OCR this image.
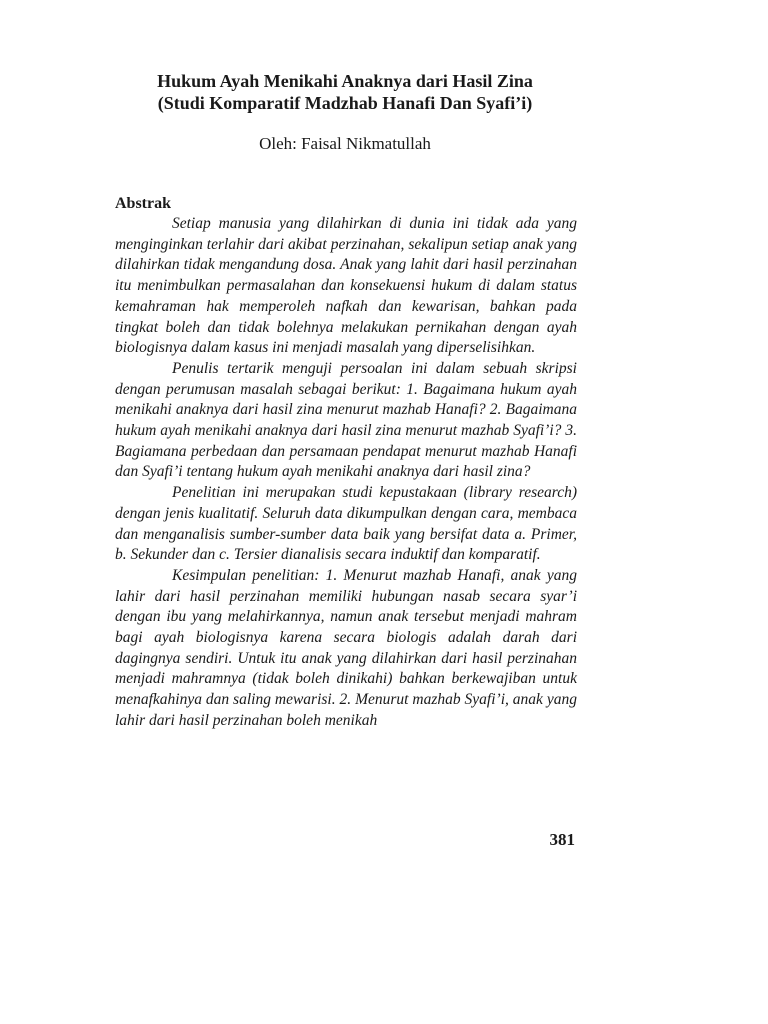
Hukum Ayah Menikahi Anaknya dari Hasil Zina
(Studi Komparatif Madzhab Hanafi Dan Syafi’i)
Oleh: Faisal Nikmatullah
Abstrak

Setiap manusia yang dilahirkan di dunia ini tidak ada yang menginginkan terlahir dari akibat perzinahan, sekalipun setiap anak yang dilahirkan tidak mengandung dosa. Anak yang lahit dari hasil perzinahan itu menimbulkan permasalahan dan konsekuensi hukum di dalam status kemahraman hak memperoleh nafkah dan kewarisan, bahkan pada tingkat boleh dan tidak bolehnya melakukan pernikahan dengan ayah biologisnya dalam kasus ini menjadi masalah yang diperselisihkan.

Penulis tertarik menguji persoalan ini dalam sebuah skripsi dengan perumusan masalah sebagai berikut: 1. Bagaimana hukum ayah menikahi anaknya dari hasil zina menurut mazhab Hanafi? 2. Bagaimana hukum ayah menikahi anaknya dari hasil zina menurut mazhab Syafi’i? 3. Bagiamana perbedaan dan persamaan pendapat menurut mazhab Hanafi dan Syafi’i tentang hukum ayah menikahi anaknya dari hasil zina?

Penelitian ini merupakan studi kepustakaan (library research) dengan jenis kualitatif. Seluruh data dikumpulkan dengan cara, membaca dan menganalisis sumber-sumber data baik yang bersifat data a. Primer, b. Sekunder dan c. Tersier dianalisis secara induktif dan komparatif.

Kesimpulan penelitian: 1. Menurut mazhab Hanafi, anak yang lahir dari hasil perzinahan memiliki hubungan nasab secara syar’i dengan ibu yang melahirkannya, namun anak tersebut menjadi mahram bagi ayah biologisnya karena secara biologis adalah darah dari dagingnya sendiri. Untuk itu anak yang dilahirkan dari hasil perzinahan menjadi mahramnya (tidak boleh dinikahi) bahkan berkewajiban untuk menafkahinya dan saling mewarisi. 2. Menurut mazhab Syafi’i, anak yang lahir dari hasil perzinahan boleh menikah

381
